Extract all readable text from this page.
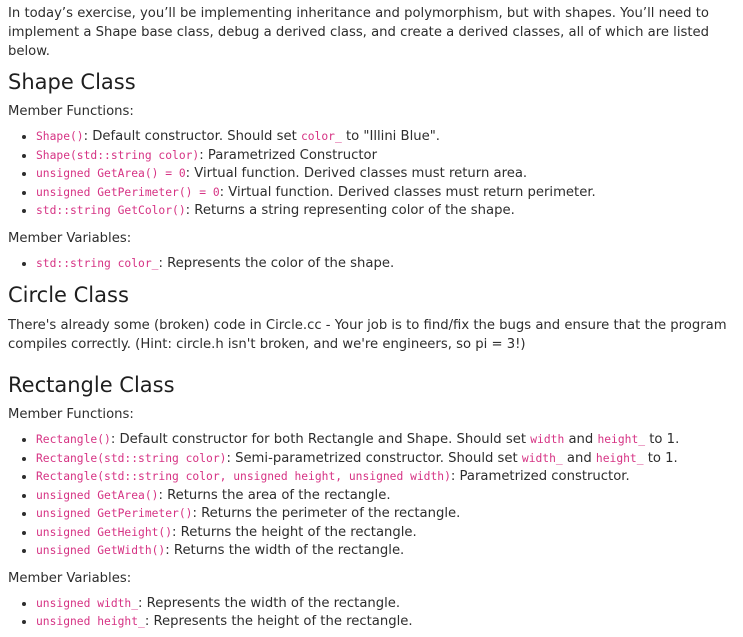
In today’s exercise, you’ll be implementing inheritance and polymorphism, but with shapes. You’ll need to implement a Shape base class, debug a derived class, and create a derived classes, all of which are listed below.

Shape Class
Member Functions:
• Shape(): Default constructor. Should set color_ to "Illini Blue".
• Shape(std::string color): Parametrized Constructor
• unsigned GetArea() = 0: Virtual function. Derived classes must return area.
• unsigned GetPerimeter() = 0: Virtual function. Derived classes must return perimeter.
• std::string GetColor(): Returns a string representing color of the shape.
Member Variables:
• std::string color_: Represents the color of the shape.
Circle Class

There's already some (broken) code in Circle.cc - Your job is to find/fix the bugs and ensure that the program compiles correctly. (Hint: circle.h isn't broken, and we're engineers, so pi = 3!)

Rectangle Class
Member Functions:
• Rectangle(): Default constructor for both Rectangle and Shape. Should set width and height_ to 1.
• Rectangle(std::string color): Semi-parametrized constructor. Should set width_ and height_ to 1.
• Rectangle(std::string color, unsigned height, unsigned width): Parametrized constructor.
• unsigned GetArea(): Returns the area of the rectangle.
• unsigned GetPerimeter(): Returns the perimeter of the rectangle.
• unsigned GetHeight(): Returns the height of the rectangle.
• unsigned GetWidth(): Returns the width of the rectangle.
Member Variables:
• unsigned width_: Represents the width of the rectangle.
• unsigned height_: Represents the height of the rectangle.
